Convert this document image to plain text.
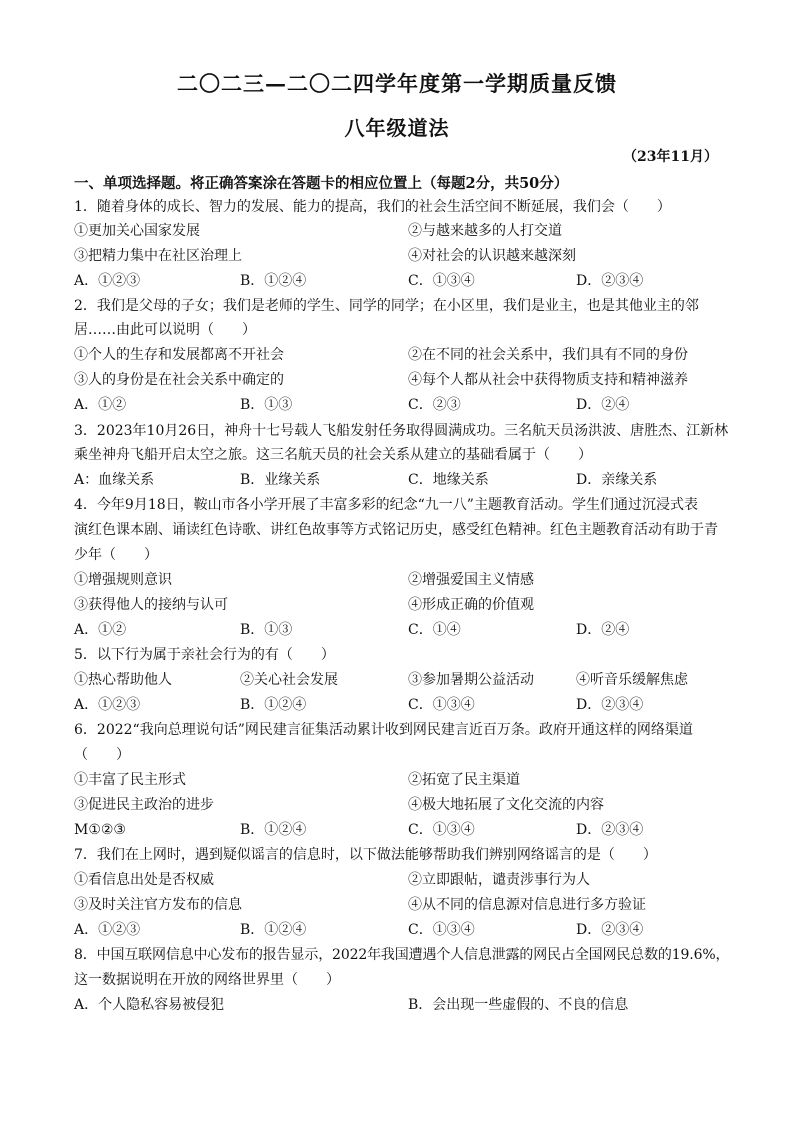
二〇二三—二〇二四学年度第一学期质量反馈
八年级道法
（23年11月）
一、单项选择题。将正确答案涂在答题卡的相应位置上（每题2分，共50分）
1．随着身体的成长、智力的发展、能力的提高，我们的社会生活空间不断延展，我们会（　　）
①更加关心国家发展	②与越来越多的人打交道
③把精力集中在社区治理上	④对社会的认识越来越深刻
A．①②③	B．①②④	C．①③④	D．②③④
2．我们是父母的子女；我们是老师的学生、同学的同学；在小区里，我们是业主，也是其他业主的邻
居……由此可以说明（　　）
①个人的生存和发展都离不开社会	②在不同的社会关系中，我们具有不同的身份
③人的身份是在社会关系中确定的	④每个人都从社会中获得物质支持和精神滋养
A．①②	B．①③	C．②③	D．②④
3．2023年10月26日，神舟十七号载人飞船发射任务取得圆满成功。三名航天员汤洪波、唐胜杰、江新林
乘坐神舟飞船开启太空之旅。这三名航天员的社会关系从建立的基础看属于（　　）
A：血缘关系	B．业缘关系	C．地缘关系	D．亲缘关系
4．今年9月18日，鞍山市各小学开展了丰富多彩的纪念“九一八”主题教育活动。学生们通过沉浸式表
演红色课本剧、诵读红色诗歌、讲红色故事等方式铭记历史，感受红色精神。红色主题教育活动有助于青
少年（　　）
①增强规则意识	②增强爱国主义情感
③获得他人的接纳与认可	④形成正确的价值观
A．①②	B．①③	C．①④	D．②④
5．以下行为属于亲社会行为的有（　　）
①热心帮助他人	②关心社会发展	③参加暑期公益活动	④听音乐缓解焦虑
A．①②③	B．①②④	C．①③④	D．②③④
6．2022“我向总理说句话”网民建言征集活动累计收到网民建言近百万条。政府开通这样的网络渠道
（　　）
①丰富了民主形式	②拓宽了民主渠道
③促进民主政治的进步	④极大地拓展了文化交流的内容
M①②③	B．①②④	C．①③④	D．②③④
7．我们在上网时，遇到疑似谣言的信息时，以下做法能够帮助我们辨别网络谣言的是（　　）
①看信息出处是否权威	②立即跟帖，谴责涉事行为人
③及时关注官方发布的信息	④从不同的信息源对信息进行多方验证
A．①②③	B．①②④	C．①③④	D．②③④
8．中国互联网信息中心发布的报告显示，2022年我国遭遇个人信息泄露的网民占全国网民总数的19.6%，
这一数据说明在开放的网络世界里（　　）
A．个人隐私容易被侵犯	B．会出现一些虚假的、不良的信息
